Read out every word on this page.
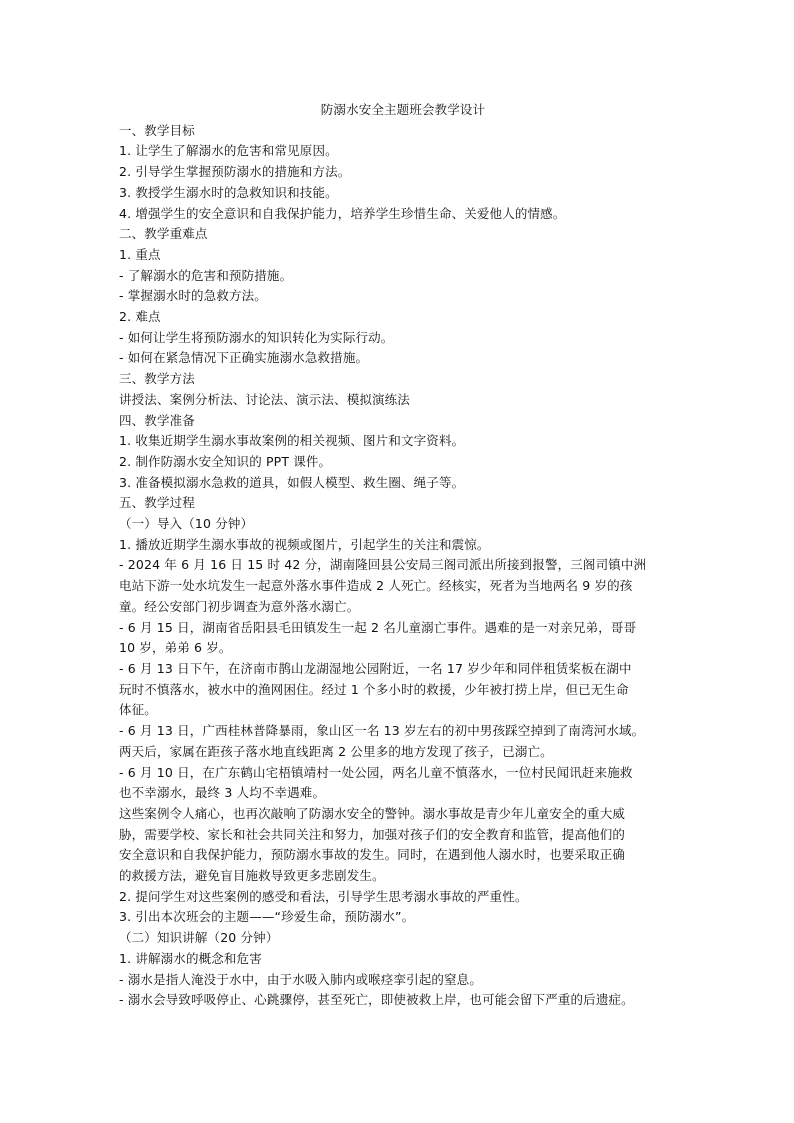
防溺水安全主题班会教学设计
一、教学目标
1. 让学生了解溺水的危害和常见原因。
2. 引导学生掌握预防溺水的措施和方法。
3. 教授学生溺水时的急救知识和技能。
4. 增强学生的安全意识和自我保护能力，培养学生珍惜生命、关爱他人的情感。
二、教学重难点
1. 重点
- 了解溺水的危害和预防措施。
- 掌握溺水时的急救方法。
2. 难点
- 如何让学生将预防溺水的知识转化为实际行动。
- 如何在紧急情况下正确实施溺水急救措施。
三、教学方法
讲授法、案例分析法、讨论法、演示法、模拟演练法
四、教学准备
1. 收集近期学生溺水事故案例的相关视频、图片和文字资料。
2. 制作防溺水安全知识的 PPT 课件。
3. 准备模拟溺水急救的道具，如假人模型、救生圈、绳子等。
五、教学过程
（一）导入（10 分钟）
1. 播放近期学生溺水事故的视频或图片，引起学生的关注和震惊。
- 2024 年 6 月 16 日 15 时 42 分，湖南隆回县公安局三阁司派出所接到报警，三阁司镇中洲
电站下游一处水坑发生一起意外落水事件造成 2 人死亡。经核实，死者为当地两名 9 岁的孩
童。经公安部门初步调查为意外落水溺亡。
- 6 月 15 日，湖南省岳阳县毛田镇发生一起 2 名儿童溺亡事件。遇难的是一对亲兄弟，哥哥
10 岁，弟弟 6 岁。
- 6 月 13 日下午，在济南市鹊山龙湖湿地公园附近，一名 17 岁少年和同伴租赁桨板在湖中
玩时不慎落水，被水中的渔网困住。经过 1 个多小时的救援，少年被打捞上岸，但已无生命
体征。
- 6 月 13 日，广西桂林普降暴雨，象山区一名 13 岁左右的初中男孩踩空掉到了南湾河水域。
两天后，家属在距孩子落水地直线距离 2 公里多的地方发现了孩子，已溺亡。
- 6 月 10 日，在广东鹤山宅梧镇靖村一处公园，两名儿童不慎落水，一位村民闻讯赶来施救
也不幸溺水，最终 3 人均不幸遇难。
这些案例令人痛心，也再次敲响了防溺水安全的警钟。溺水事故是青少年儿童安全的重大威
胁，需要学校、家长和社会共同关注和努力，加强对孩子们的安全教育和监管，提高他们的
安全意识和自我保护能力，预防溺水事故的发生。同时，在遇到他人溺水时，也要采取正确
的救援方法，避免盲目施救导致更多悲剧发生。
2. 提问学生对这些案例的感受和看法，引导学生思考溺水事故的严重性。
3. 引出本次班会的主题——“珍爱生命，预防溺水”。
（二）知识讲解（20 分钟）
1. 讲解溺水的概念和危害
- 溺水是指人淹没于水中，由于水吸入肺内或喉痉挛引起的窒息。
- 溺水会导致呼吸停止、心跳骤停，甚至死亡，即使被救上岸，也可能会留下严重的后遗症。
